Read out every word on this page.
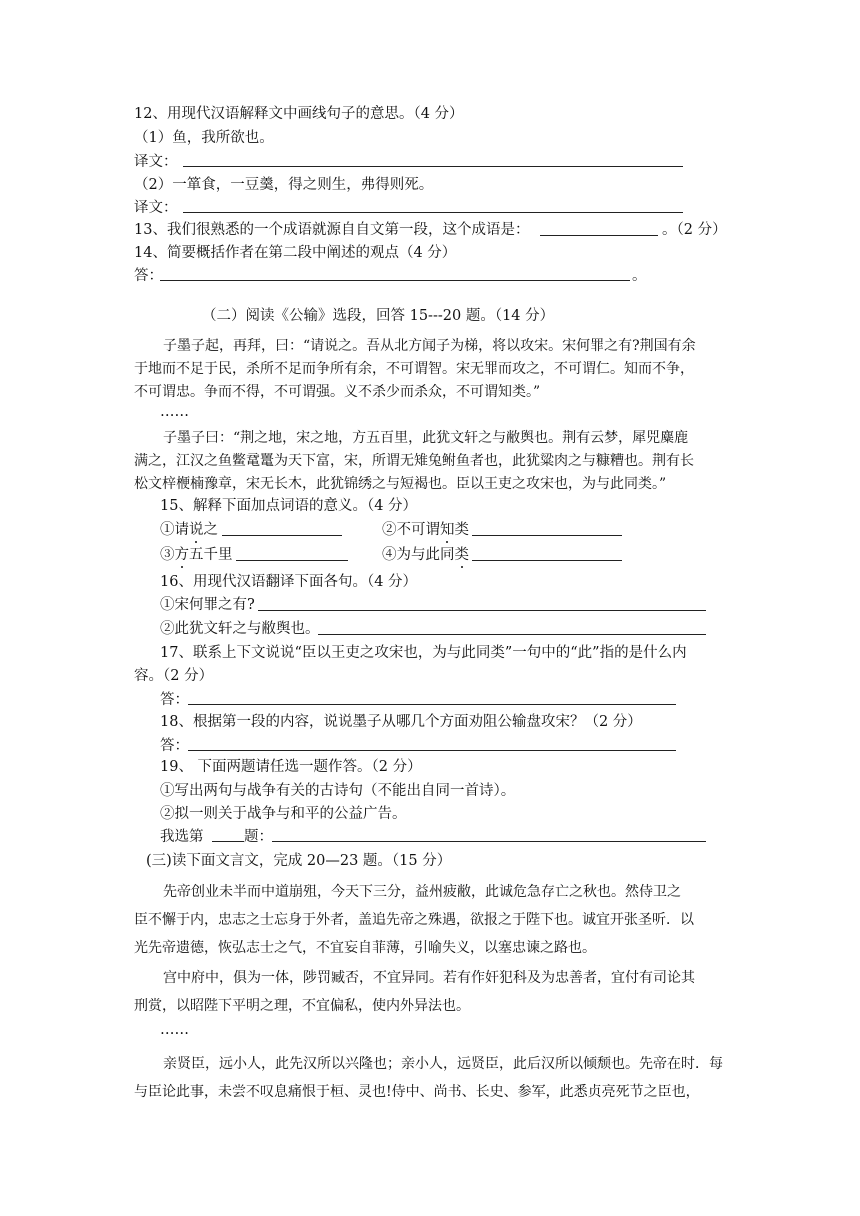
12、用现代汉语解释文中画线句子的意思。（4 分）
（1）鱼，我所欲也。
译文：
（2）一箪食，一豆羹，得之则生，弗得则死。
译文：
13、我们很熟悉的一个成语就源自自文第一段，这个成语是：	。（2 分）
14、简要概括作者在第二段中阐述的观点（4 分）
答：	。
（二）阅读《公输》选段，回答 15---20 题。（14 分）
子墨子起，再拜，曰：“请说之。吾从北方闻子为梯，将以攻宋。宋何罪之有?荆国有余
于地而不足于民，杀所不足而争所有余，不可谓智。宋无罪而攻之，不可谓仁。知而不争，
不可谓忠。争而不得，不可谓强。义不杀少而杀众，不可谓知类。”
……
子墨子曰：“荆之地，宋之地，方五百里，此犹文轩之与敝舆也。荆有云梦，犀兕麋鹿
满之，江汉之鱼鳖鼋鼍为天下富，宋，所谓无雉兔鲋鱼者也，此犹粱肉之与糠糟也。荆有长
松文梓楩楠豫章，宋无长木，此犹锦绣之与短褐也。臣以王吏之攻宋也，为与此同类。”
15、解释下面加点词语的意义。（4 分）
①请说之	②不可谓知类
③方五千里	④为与此同类
16、用现代汉语翻译下面各句。（4 分）
①宋何罪之有?
②此犹文轩之与敝舆也。
17、联系上下文说说“臣以王吏之攻宋也，为与此同类”一句中的“此”指的是什么内
容。（2 分）
答：
18、根据第一段的内容，说说墨子从哪几个方面劝阻公输盘攻宋？（2 分）
答：
19、 下面两题请任选一题作答。（2 分）
①写出两句与战争有关的古诗句（不能出自同一首诗）。
②拟一则关于战争与和平的公益广告。
我选第	题：
(三)读下面文言文，完成 20—23 题。（15 分）
先帝创业未半而中道崩殂，今天下三分，益州疲敝，此诚危急存亡之秋也。然侍卫之
臣不懈于内，忠志之士忘身于外者，盖追先帝之殊遇，欲报之于陛下也。诚宜开张圣听．以
光先帝遗德，恢弘志士之气，不宜妄自菲薄，引喻失义，以塞忠谏之路也。
宫中府中，俱为一体，陟罚臧否，不宜异同。若有作奸犯科及为忠善者，宜付有司论其
刑赏，以昭陛下平明之理，不宜偏私，使内外异法也。
……
亲贤臣，远小人，此先汉所以兴隆也；亲小人，远贤臣，此后汉所以倾颓也。先帝在时．每
与臣论此事，未尝不叹息痛恨于桓、灵也!侍中、尚书、长史、参军，此悉贞亮死节之臣也，
